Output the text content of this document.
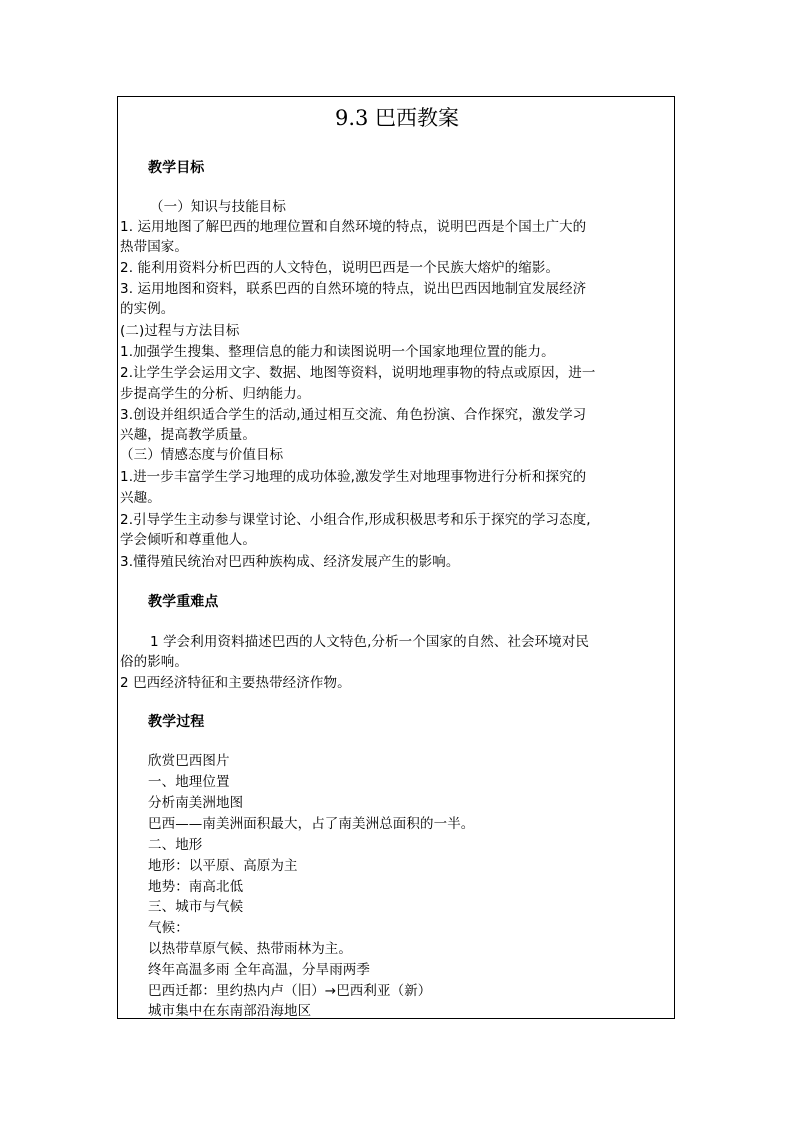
9.3 巴西教案
教学目标
（一）知识与技能目标
1. 运用地图了解巴西的地理位置和自然环境的特点，说明巴西是个国土广大的
热带国家。
2. 能利用资料分析巴西的人文特色，说明巴西是一个民族大熔炉的缩影。
3. 运用地图和资料，联系巴西的自然环境的特点，说出巴西因地制宜发展经济
的实例。
(二)过程与方法目标
1.加强学生搜集、整理信息的能力和读图说明一个国家地理位置的能力。
2.让学生学会运用文字、数据、地图等资料，说明地理事物的特点或原因，进一
步提高学生的分析、归纳能力。
3.创设并组织适合学生的活动,通过相互交流、角色扮演、合作探究，激发学习
兴趣，提高教学质量。
（三）情感态度与价值目标
1.进一步丰富学生学习地理的成功体验,激发学生对地理事物进行分析和探究的
兴趣。
2.引导学生主动参与课堂讨论、小组合作,形成积极思考和乐于探究的学习态度,
学会倾听和尊重他人。
3.懂得殖民统治对巴西种族构成、经济发展产生的影响。
教学重难点
1 学会利用资料描述巴西的人文特色,分析一个国家的自然、社会环境对民
俗的影响。
2 巴西经济特征和主要热带经济作物。
教学过程
欣赏巴西图片
一、地理位置
分析南美洲地图
巴西——南美洲面积最大，占了南美洲总面积的一半。
二、地形
地形：以平原、高原为主
地势：南高北低
三、城市与气候
气候：
以热带草原气候、热带雨林为主。
终年高温多雨 全年高温，分旱雨两季
巴西迁都：里约热内卢（旧）→巴西利亚（新）
城市集中在东南部沿海地区
